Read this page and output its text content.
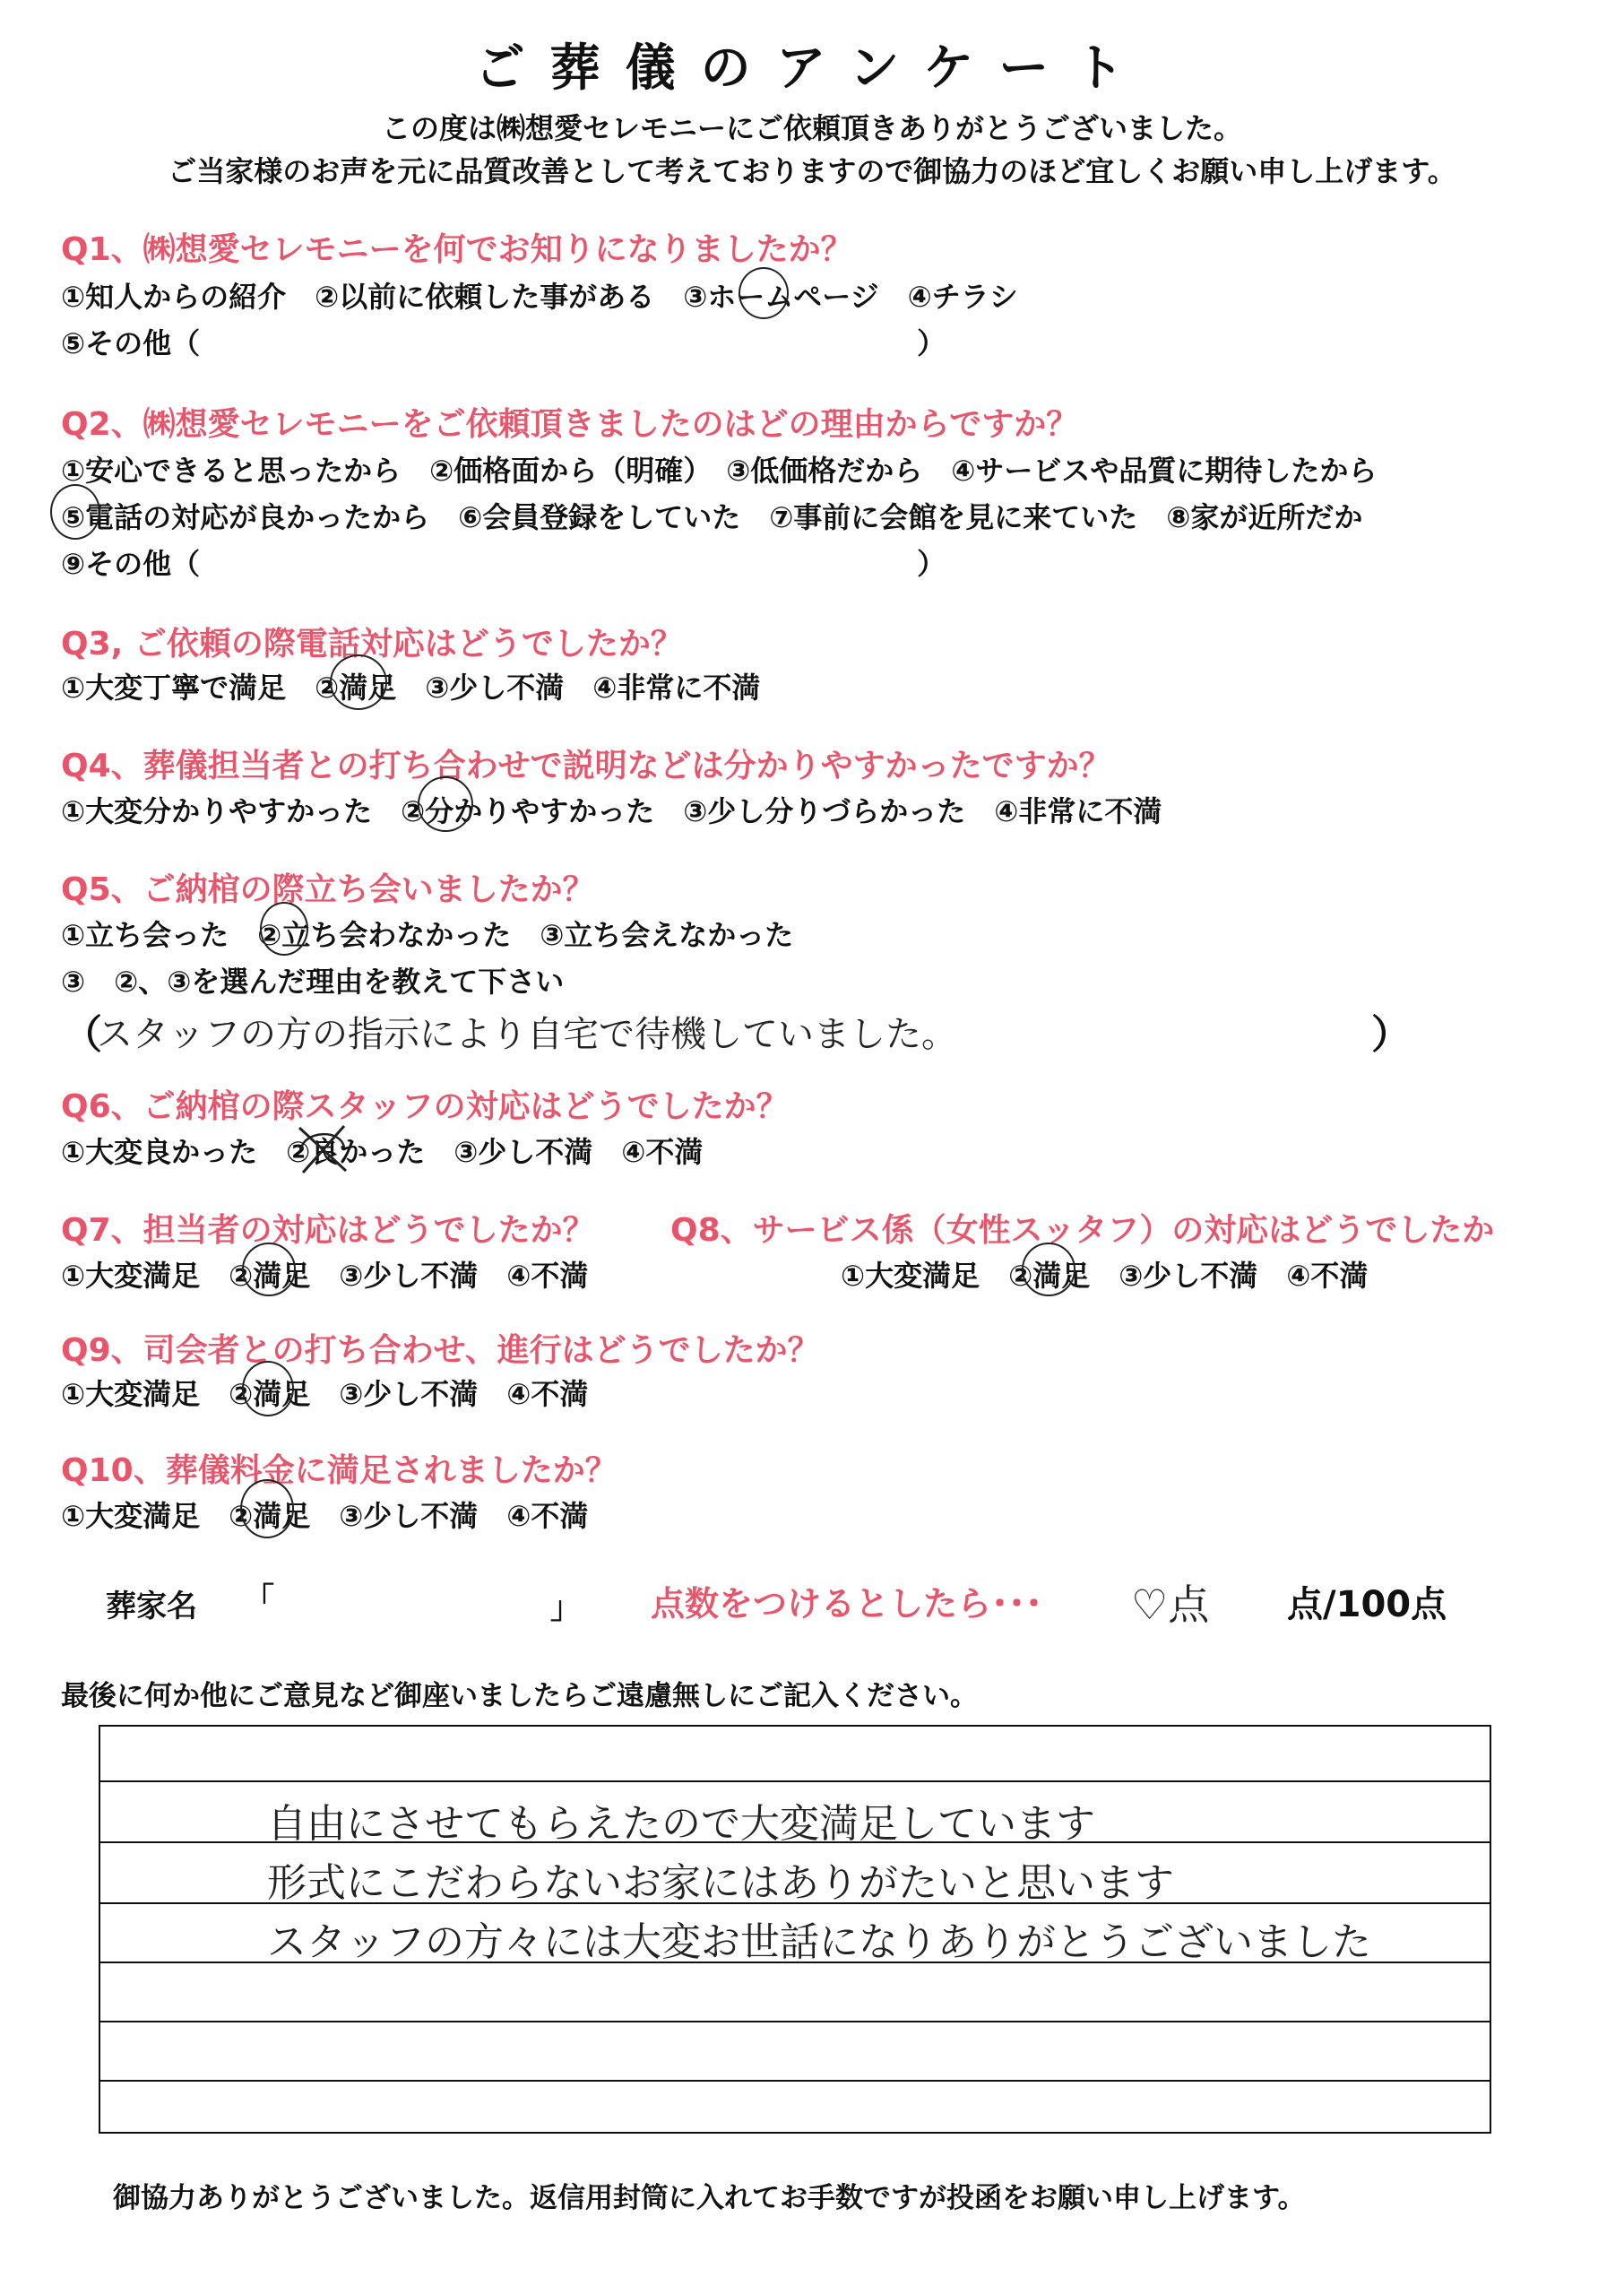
ご葬儀のアンケート
この度は㈱想愛セレモニーにご依頼頂きありがとうございました。
ご当家様のお声を元に品質改善として考えておりますので御協力のほど宜しくお願い申し上げます。
Q1、㈱想愛セレモニーを何でお知りになりましたか？
①知人からの紹介　②以前に依頼した事がある　③ホームページ　④チラシ
⑤その他（　　　　　　　　　　　　　　　　　　　　　　　　　）
Q2、㈱想愛セレモニーをご依頼頂きましたのはどの理由からですか？
①安心できると思ったから　②価格面から（明確）　③低価格だから　④サービスや品質に期待したから
⑤電話の対応が良かったから　⑥会員登録をしていた　⑦事前に会館を見に来ていた　⑧家が近所だか
⑨その他（　　　　　　　　　　　　　　　　　　　　　　　　　）
Q3, ご依頼の際電話対応はどうでしたか？
①大変丁寧で満足　②満足　③少し不満　④非常に不満
Q4、葬儀担当者との打ち合わせで説明などは分かりやすかったですか？
①大変分かりやすかった　②分かりやすかった　③少し分りづらかった　④非常に不満
Q5、ご納棺の際立ち会いましたか？
①立ち会った　②立ち会わなかった　③立ち会えなかった
③　②、③を選んだ理由を教えて下さい
（
スタッフの方の指示により自宅で待機していました。	）
Q6、ご納棺の際スタッフの対応はどうでしたか？
①大変良かった　②良かった　③少し不満　④不満
Q7、担当者の対応はどうでしたか？
①大変満足　②満足　③少し不満　④不満
Q8、サービス係（女性スッタフ）の対応はどうでしたか
①大変満足　②満足　③少し不満　④不満
Q9、司会者との打ち合わせ、進行はどうでしたか？
①大変満足　②満足　③少し不満　④不満
Q10、葬儀料金に満足されましたか？
①大変満足　②満足　③少し不満　④不満
葬家名 「	」 点数をつけるとしたら･･･ ♡点 点/100点
最後に何か他にご意見など御座いましたらご遠慮無しにご記入ください。
自由にさせてもらえたので大変満足しています
形式にこだわらないお家にはありがたいと思います
スタッフの方々には大変お世話になりありがとうございました
御協力ありがとうございました。返信用封筒に入れてお手数ですが投函をお願い申し上げます。
